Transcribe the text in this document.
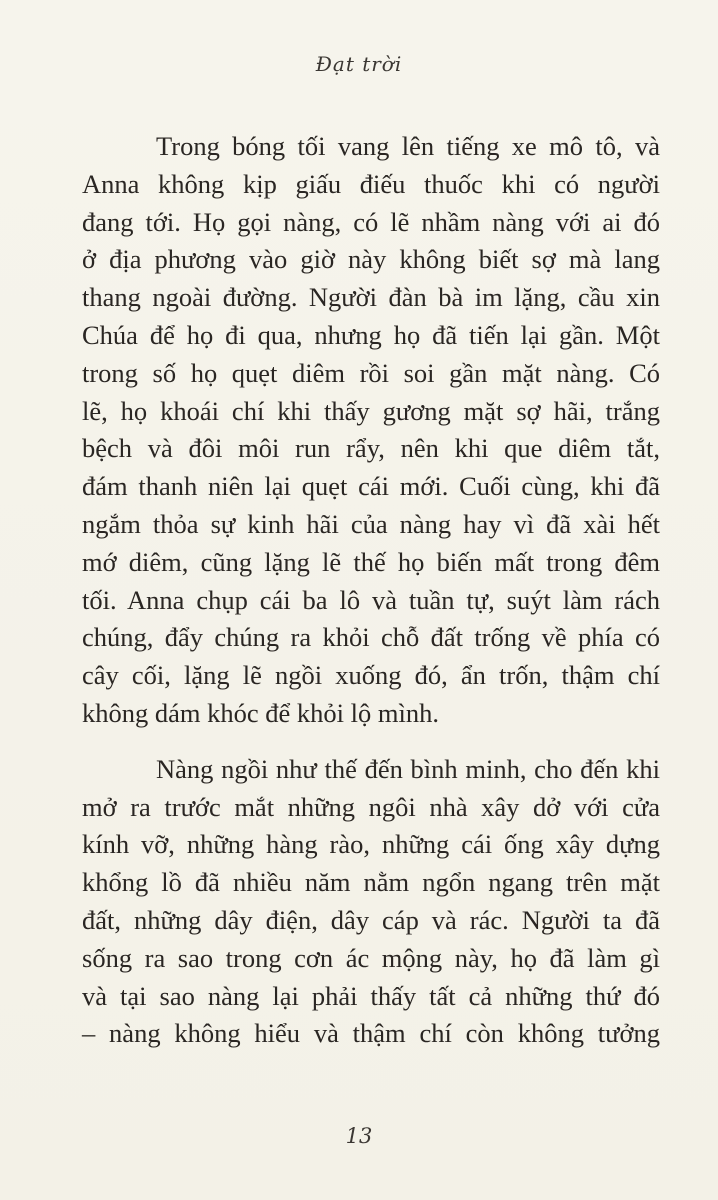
Đạt trời
Trong bóng tối vang lên tiếng xe mô tô, và
Anna không kịp giấu điếu thuốc khi có người
đang tới. Họ gọi nàng, có lẽ nhầm nàng với ai đó
ở địa phương vào giờ này không biết sợ mà lang
thang ngoài đường. Người đàn bà im lặng, cầu xin
Chúa để họ đi qua, nhưng họ đã tiến lại gần. Một
trong số họ quẹt diêm rồi soi gần mặt nàng. Có
lẽ, họ khoái chí khi thấy gương mặt sợ hãi, trắng
bệch và đôi môi run rẩy, nên khi que diêm tắt,
đám thanh niên lại quẹt cái mới. Cuối cùng, khi đã
ngắm thỏa sự kinh hãi của nàng hay vì đã xài hết
mớ diêm, cũng lặng lẽ thế họ biến mất trong đêm
tối. Anna chụp cái ba lô và tuần tự, suýt làm rách
chúng, đẩy chúng ra khỏi chỗ đất trống về phía có
cây cối, lặng lẽ ngồi xuống đó, ẩn trốn, thậm chí
không dám khóc để khỏi lộ mình.
Nàng ngồi như thế đến bình minh, cho đến khi
mở ra trước mắt những ngôi nhà xây dở với cửa
kính vỡ, những hàng rào, những cái ống xây dựng
khổng lồ đã nhiều năm nằm ngổn ngang trên mặt
đất, những dây điện, dây cáp và rác. Người ta đã
sống ra sao trong cơn ác mộng này, họ đã làm gì
và tại sao nàng lại phải thấy tất cả những thứ đó
– nàng không hiểu và thậm chí còn không tưởng
13
